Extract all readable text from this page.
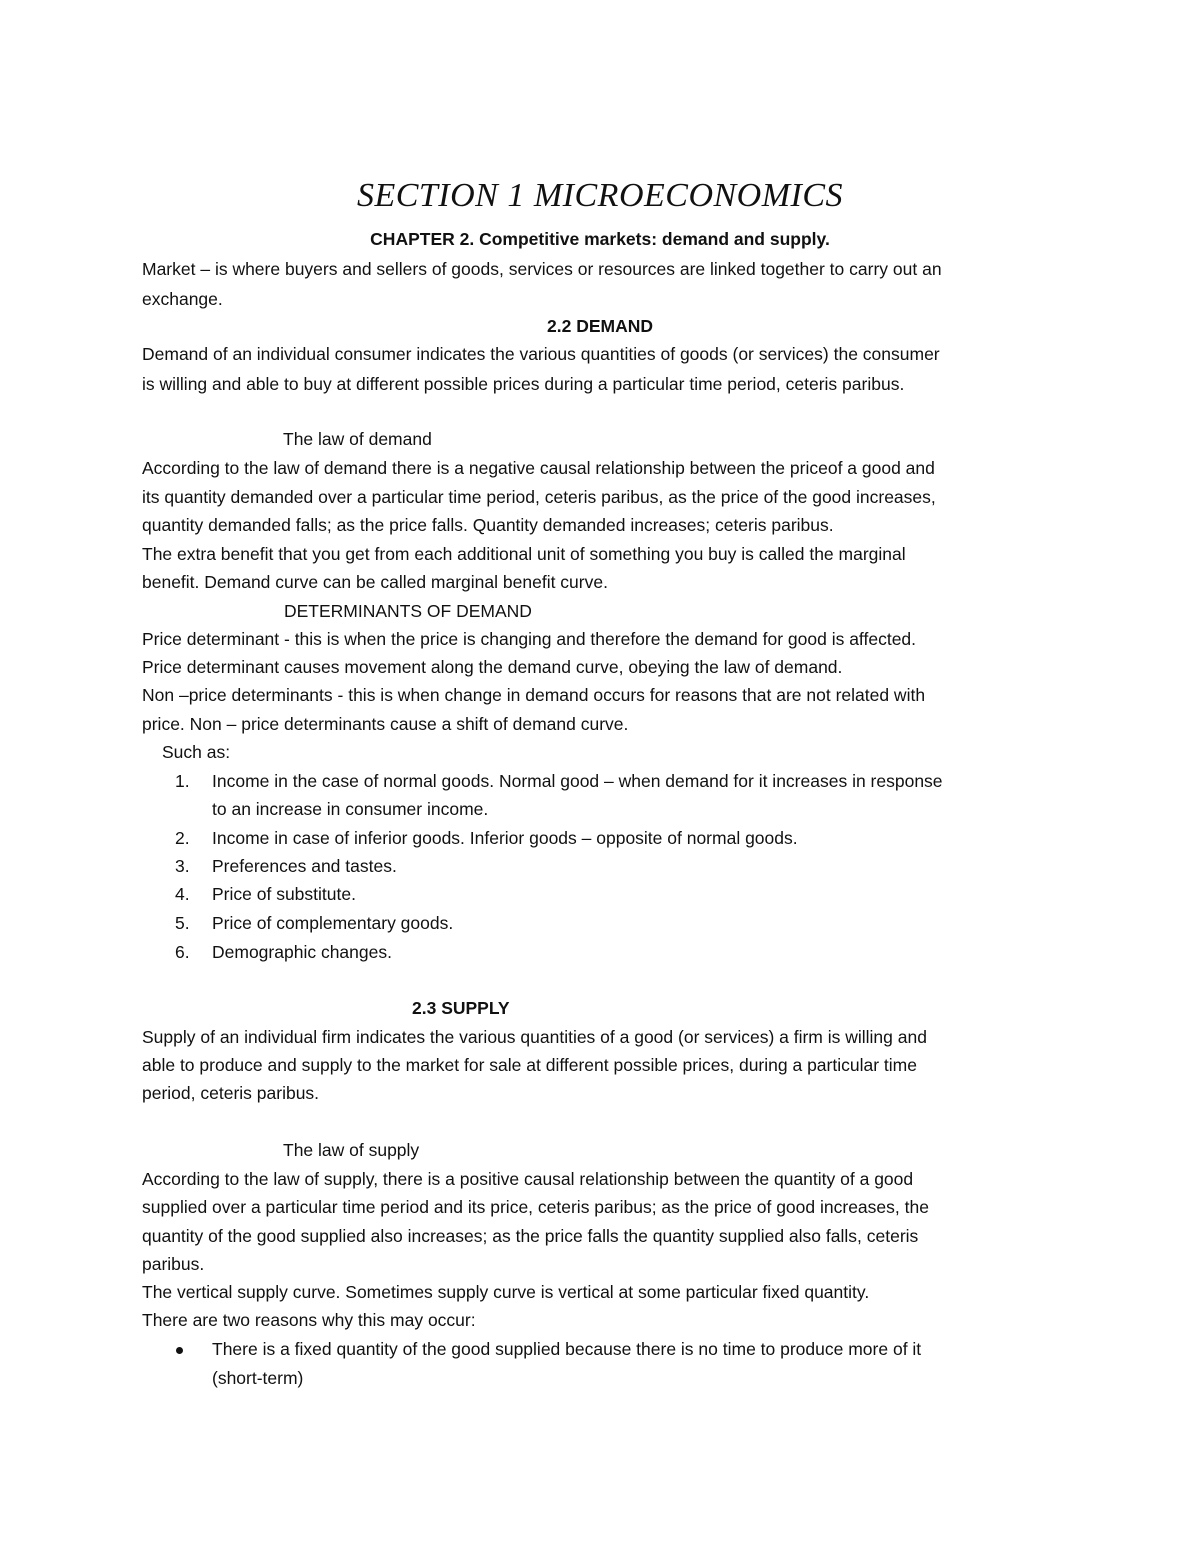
SECTION 1 MICROECONOMICS
CHAPTER 2. Competitive markets: demand and supply.
Market – is where buyers and sellers of goods, services or resources are linked together to carry out an
exchange.
2.2 DEMAND
Demand of an individual consumer indicates the various quantities of goods (or services) the consumer
is willing and able to buy at different possible prices during a particular time period, ceteris paribus.
The law of demand
According to the law of demand there is a negative causal relationship between the priceof a good and
its quantity demanded over a particular time period, ceteris paribus, as the price of the good increases,
quantity demanded falls; as the price falls. Quantity demanded increases; ceteris paribus.
The extra benefit that you get from each additional unit of something you buy is called the marginal
benefit. Demand curve can be called marginal benefit curve.
DETERMINANTS OF DEMAND
Price determinant - this is when the price is changing and therefore the demand for good is affected.
Price determinant causes movement along the demand curve, obeying the law of demand.
Non –price determinants - this is when change in demand occurs for reasons that are not related with
price. Non – price determinants cause a shift of demand curve.
Such as:
1. Income in the case of normal goods. Normal good – when demand for it increases in response
to an increase in consumer income.
2. Income in case of inferior goods. Inferior goods – opposite of normal goods.
3. Preferences and tastes.
4. Price of substitute.
5. Price of complementary goods.
6. Demographic changes.
2.3 SUPPLY
Supply of an individual firm indicates the various quantities of a good (or services) a firm is willing and
able to produce and supply to the market for sale at different possible prices, during a particular time
period, ceteris paribus.
The law of supply
According to the law of supply, there is a positive causal relationship between the quantity of a good
supplied over a particular time period and its price, ceteris paribus; as the price of good increases, the
quantity of the good supplied also increases; as the price falls the quantity supplied also falls, ceteris
paribus.
The vertical supply curve. Sometimes supply curve is vertical at some particular fixed quantity.
There are two reasons why this may occur:
There is a fixed quantity of the good supplied because there is no time to produce more of it
(short-term)
